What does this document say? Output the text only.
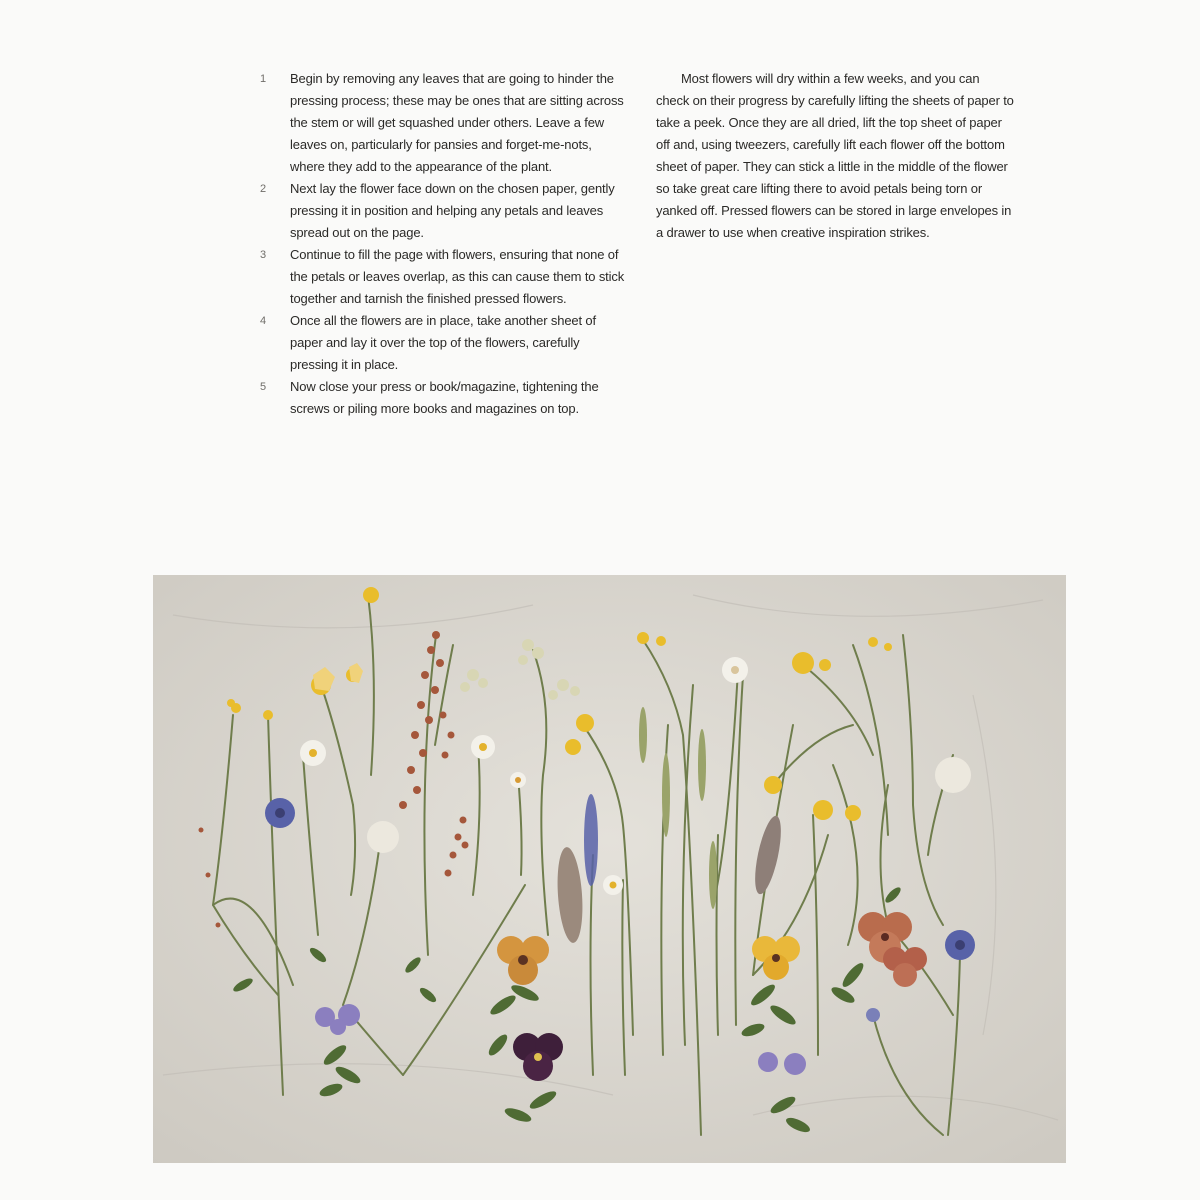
1	Begin by removing any leaves that are going to hinder the pressing process; these may be ones that are sitting across the stem or will get squashed under others. Leave a few leaves on, particularly for pansies and forget-me-nots, where they add to the appearance of the plant.
2	Next lay the flower face down on the chosen paper, gently pressing it in position and helping any petals and leaves spread out on the page.
3	Continue to fill the page with flowers, ensuring that none of the petals or leaves overlap, as this can cause them to stick together and tarnish the finished pressed flowers.
4	Once all the flowers are in place, take another sheet of paper and lay it over the top of the flowers, carefully pressing it in place.
5	Now close your press or book/magazine, tightening the screws or piling more books and magazines on top.

Most flowers will dry within a few weeks, and you can check on their progress by carefully lifting the sheets of paper to take a peek. Once they are all dried, lift the top sheet of paper off and, using tweezers, carefully lift each flower off the bottom sheet of paper. They can stick a little in the middle of the flower so take great care lifting there to avoid petals being torn or yanked off. Pressed flowers can be stored in large envelopes in a drawer to use when creative inspiration strikes.
